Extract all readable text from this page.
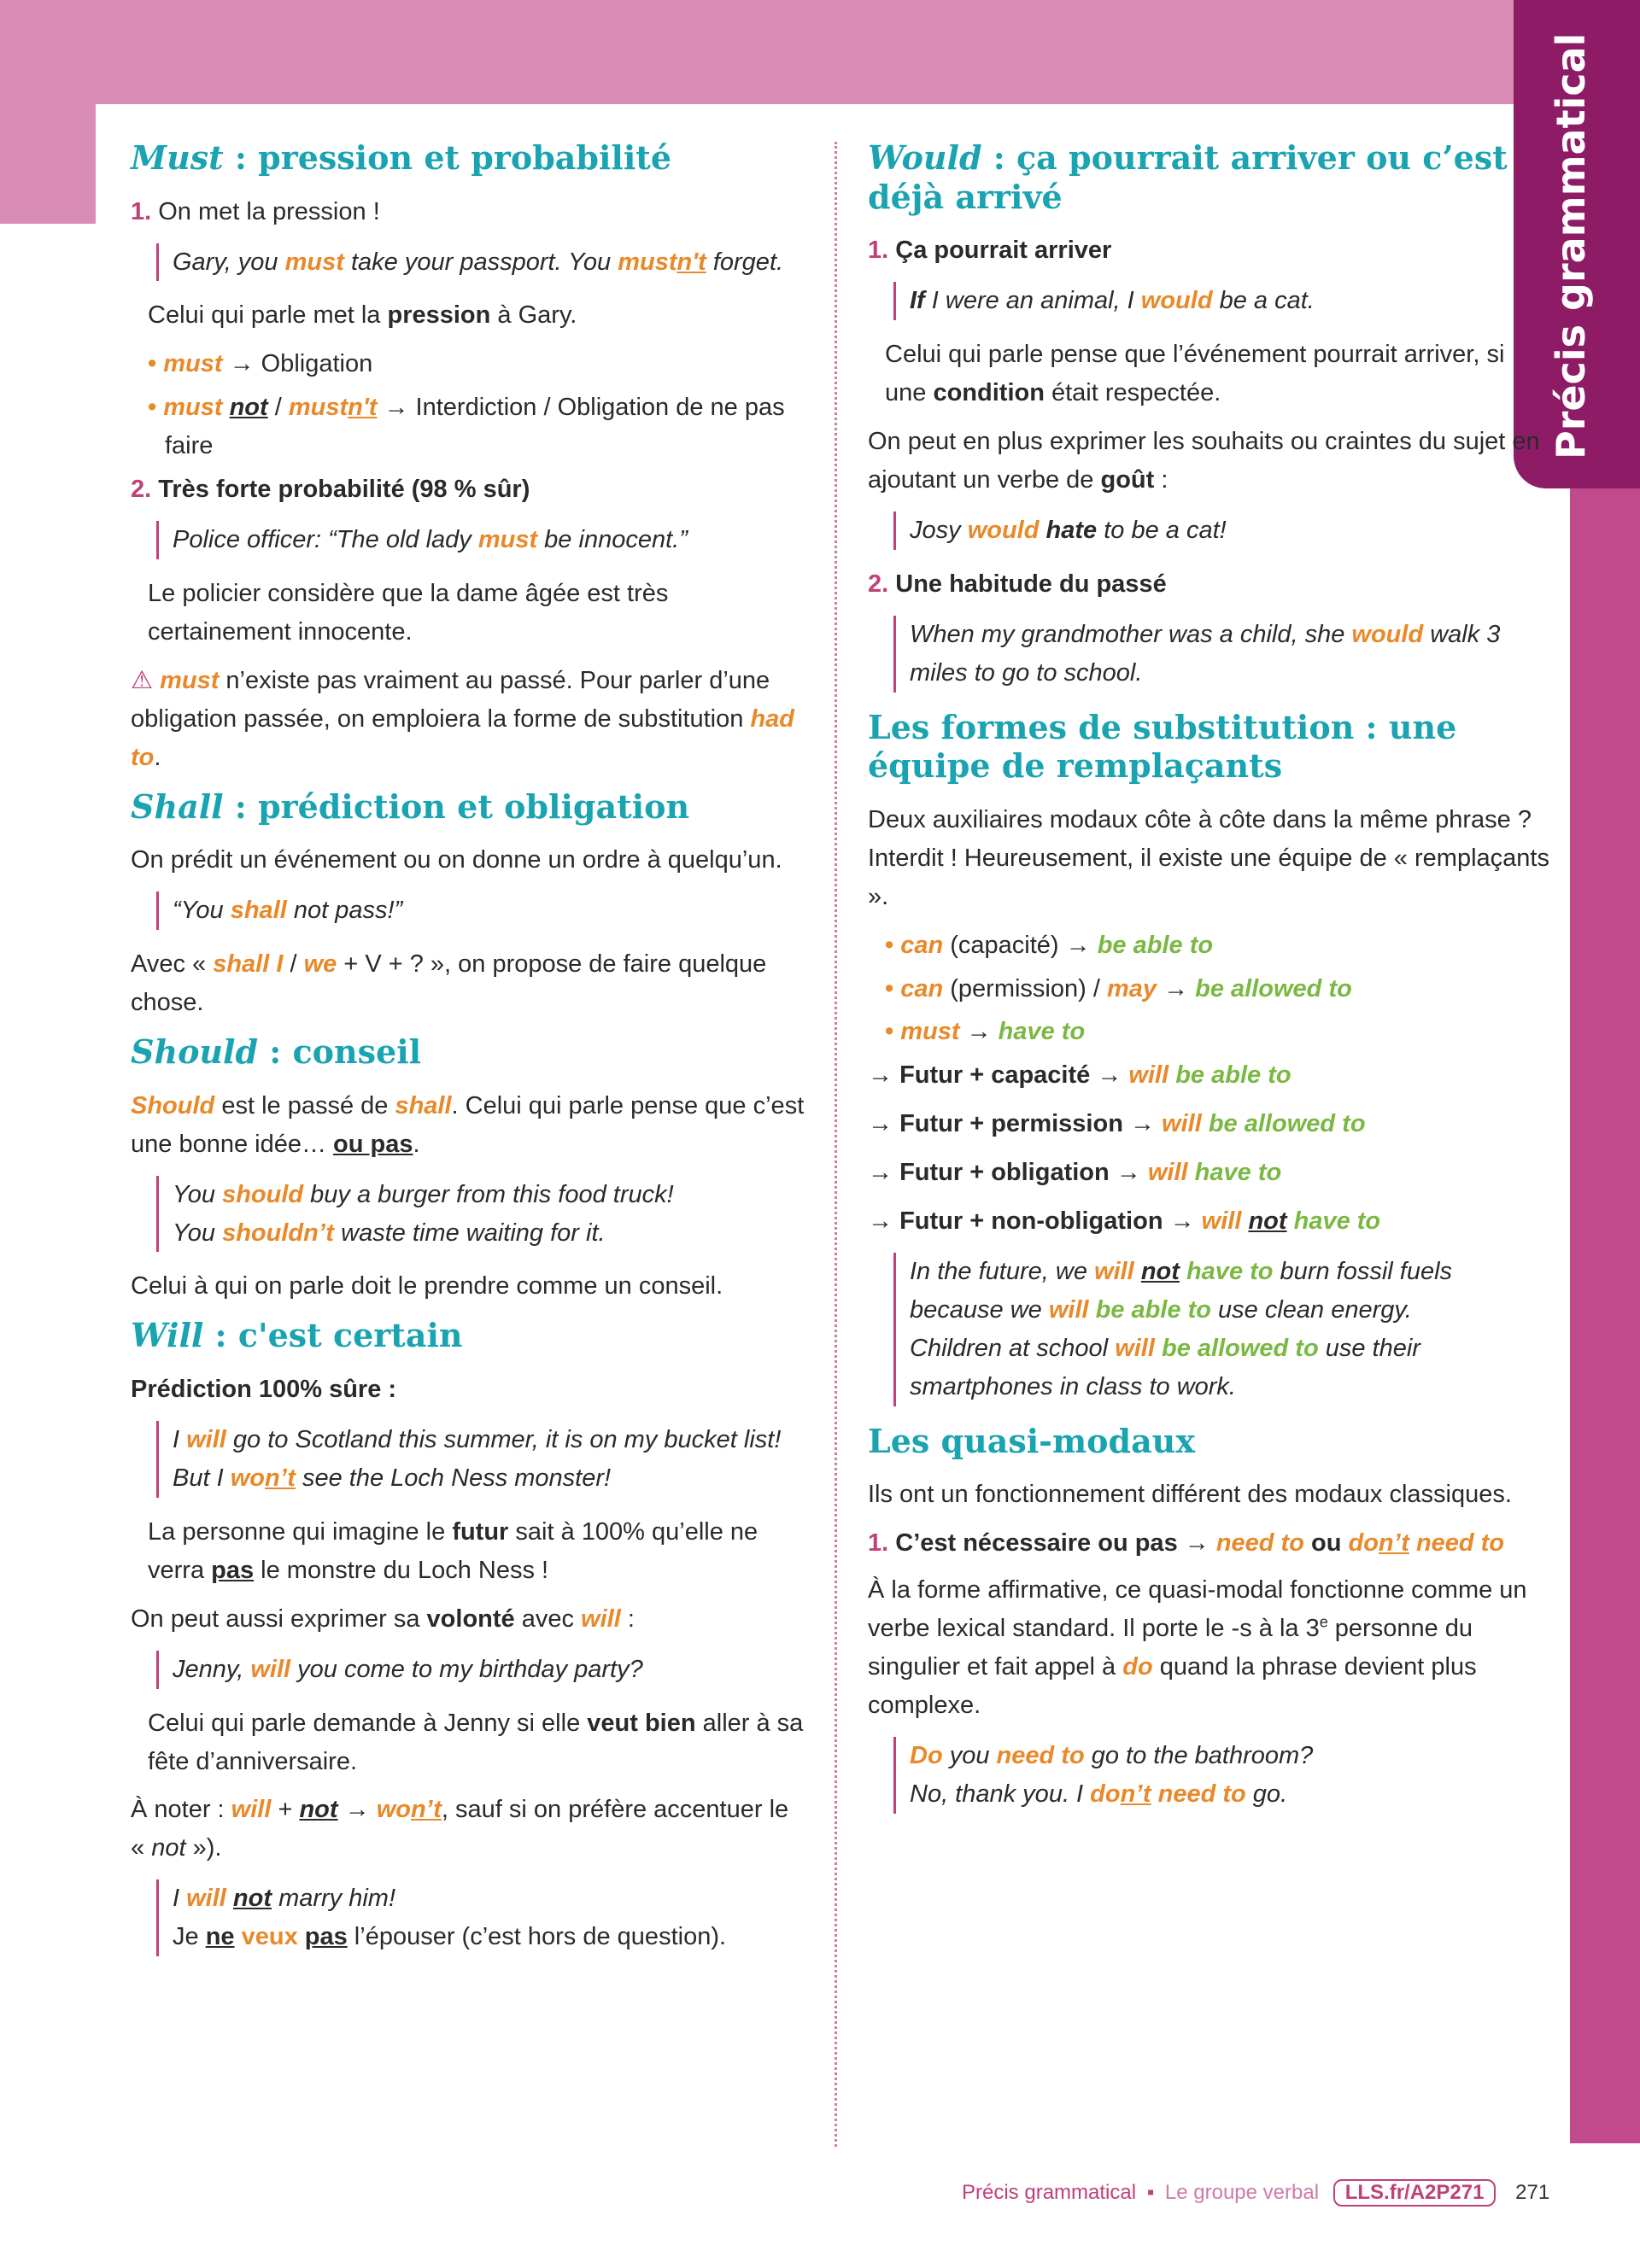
Précis grammatical
Must : pression et probabilité
1. On met la pression !
Gary, you must take your passport. You mustn't forget.
Celui qui parle met la pression à Gary.
• must → Obligation
• must not / mustn't → Interdiction / Obligation de ne pas faire
2. Très forte probabilité (98 % sûr)
Police officer: “The old lady must be innocent.”
Le policier considère que la dame âgée est très certainement innocente.
⚠ must n’existe pas vraiment au passé. Pour parler d’une obligation passée, on emploiera la forme de substitution had to.
Shall : prédiction et obligation
On prédit un événement ou on donne un ordre à quelqu’un.
“You shall not pass!”
Avec « shall I / we + V + ? », on propose de faire quelque chose.
Should : conseil
Should est le passé de shall. Celui qui parle pense que c’est une bonne idée… ou pas.
You should buy a burger from this food truck!
You shouldn’t waste time waiting for it.
Celui à qui on parle doit le prendre comme un conseil.
Will : c'est certain
Prédiction 100% sûre :
I will go to Scotland this summer, it is on my bucket list! But I won’t see the Loch Ness monster!
La personne qui imagine le futur sait à 100% qu’elle ne verra pas le monstre du Loch Ness !
On peut aussi exprimer sa volonté avec will :
Jenny, will you come to my birthday party?
Celui qui parle demande à Jenny si elle veut bien aller à sa fête d’anniversaire.
À noter : will + not → won’t, sauf si on préfère accentuer le « not »).
I will not marry him!
Je ne veux pas l’épouser (c’est hors de question).
Would : ça pourrait arriver ou c’est déjà arrivé
1. Ça pourrait arriver
If I were an animal, I would be a cat.
Celui qui parle pense que l’événement pourrait arriver, si une condition était respectée.
On peut en plus exprimer les souhaits ou craintes du sujet en ajoutant un verbe de goût :
Josy would hate to be a cat!
2. Une habitude du passé
When my grandmother was a child, she would walk 3 miles to go to school.
Les formes de substitution : une équipe de remplaçants
Deux auxiliaires modaux côte à côte dans la même phrase ? Interdit ! Heureusement, il existe une équipe de « remplaçants ».
• can (capacité) → be able to
• can (permission) / may → be allowed to
• must → have to
→ Futur + capacité → will be able to
→ Futur + permission → will be allowed to
→ Futur + obligation → will have to
→ Futur + non-obligation → will not have to
In the future, we will not have to burn fossil fuels because we will be able to use clean energy.
Children at school will be allowed to use their smartphones in class to work.
Les quasi-modaux
Ils ont un fonctionnement différent des modaux classiques.
1. C’est nécessaire ou pas → need to ou don’t need to
À la forme affirmative, ce quasi-modal fonctionne comme un verbe lexical standard. Il porte le -s à la 3e personne du singulier et fait appel à do quand la phrase devient plus complexe.
Do you need to go to the bathroom?
No, thank you. I don’t need to go.
Précis grammatical ▪ Le groupe verbal LLS.fr/A2P271 271
